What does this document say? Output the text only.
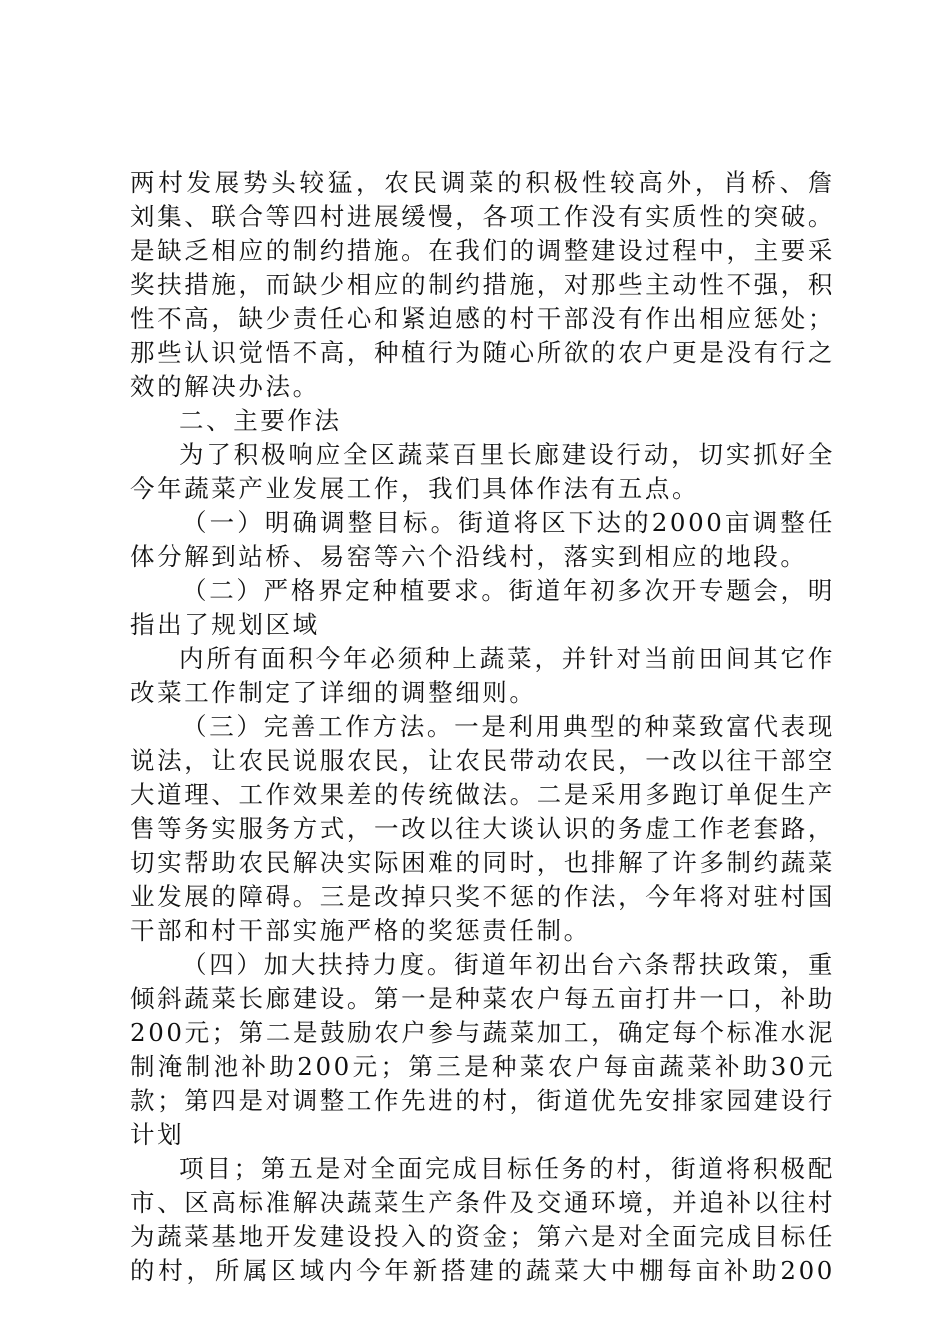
两村发展势头较猛，农民调菜的积极性较高外，肖桥、詹
刘集、联合等四村进展缓慢，各项工作没有实质性的突破。
是缺乏相应的制约措施。在我们的调整建设过程中，主要采
奖扶措施，而缺少相应的制约措施，对那些主动性不强，积
性不高，缺少责任心和紧迫感的村干部没有作出相应惩处；
那些认识觉悟不高，种植行为随心所欲的农户更是没有行之
效的解决办法。
二、主要作法
为了积极响应全区蔬菜百里长廊建设行动，切实抓好全
今年蔬菜产业发展工作，我们具体作法有五点。
（一）明确调整目标。街道将区下达的2000亩调整任
体分解到站桥、易窑等六个沿线村，落实到相应的地段。
（二）严格界定种植要求。街道年初多次开专题会，明
指出了规划区域
内所有面积今年必须种上蔬菜，并针对当前田间其它作
改菜工作制定了详细的调整细则。
（三）完善工作方法。一是利用典型的种菜致富代表现
说法，让农民说服农民，让农民带动农民，一改以往干部空
大道理、工作效果差的传统做法。二是采用多跑订单促生产
售等务实服务方式，一改以往大谈认识的务虚工作老套路，
切实帮助农民解决实际困难的同时，也排解了许多制约蔬菜
业发展的障碍。三是改掉只奖不惩的作法，今年将对驻村国
干部和村干部实施严格的奖惩责任制。
（四）加大扶持力度。街道年初出台六条帮扶政策，重
倾斜蔬菜长廊建设。第一是种菜农户每五亩打井一口，补助
200元；第二是鼓励农户参与蔬菜加工，确定每个标准水泥
制淹制池补助200元；第三是种菜农户每亩蔬菜补助30元
款；第四是对调整工作先进的村，街道优先安排家园建设行
计划
项目；第五是对全面完成目标任务的村，街道将积极配
市、区高标准解决蔬菜生产条件及交通环境，并追补以往村
为蔬菜基地开发建设投入的资金；第六是对全面完成目标任
的村，所属区域内今年新搭建的蔬菜大中棚每亩补助200
